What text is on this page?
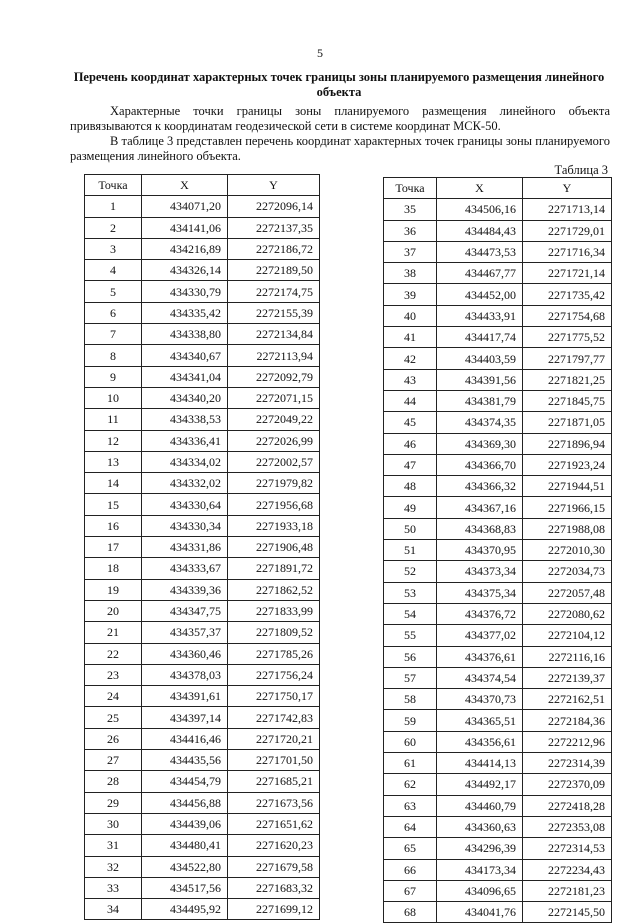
5
Перечень координат характерных точек границы зоны планируемого размещения линейного объекта
Характерные точки границы зоны планируемого размещения линейного объекта привязываются к координатам геодезической сети в системе координат МСК-50.
В таблице 3 представлен перечень координат характерных точек границы зоны планируемого размещения линейного объекта.
Таблица 3
Точка	X	Y
1	434071,20	2272096,14
2	434141,06	2272137,35
3	434216,89	2272186,72
4	434326,14	2272189,50
5	434330,79	2272174,75
6	434335,42	2272155,39
7	434338,80	2272134,84
8	434340,67	2272113,94
9	434341,04	2272092,79
10	434340,20	2272071,15
11	434338,53	2272049,22
12	434336,41	2272026,99
13	434334,02	2272002,57
14	434332,02	2271979,82
15	434330,64	2271956,68
16	434330,34	2271933,18
17	434331,86	2271906,48
18	434333,67	2271891,72
19	434339,36	2271862,52
20	434347,75	2271833,99
21	434357,37	2271809,52
22	434360,46	2271785,26
23	434378,03	2271756,24
24	434391,61	2271750,17
25	434397,14	2271742,83
26	434416,46	2271720,21
27	434435,56	2271701,50
28	434454,79	2271685,21
29	434456,88	2271673,56
30	434439,06	2271651,62
31	434480,41	2271620,23
32	434522,80	2271679,58
33	434517,56	2271683,32
34	434495,92	2271699,12
Точка	X	Y
35	434506,16	2271713,14
36	434484,43	2271729,01
37	434473,53	2271716,34
38	434467,77	2271721,14
39	434452,00	2271735,42
40	434433,91	2271754,68
41	434417,74	2271775,52
42	434403,59	2271797,77
43	434391,56	2271821,25
44	434381,79	2271845,75
45	434374,35	2271871,05
46	434369,30	2271896,94
47	434366,70	2271923,24
48	434366,32	2271944,51
49	434367,16	2271966,15
50	434368,83	2271988,08
51	434370,95	2272010,30
52	434373,34	2272034,73
53	434375,34	2272057,48
54	434376,72	2272080,62
55	434377,02	2272104,12
56	434376,61	2272116,16
57	434374,54	2272139,37
58	434370,73	2272162,51
59	434365,51	2272184,36
60	434356,61	2272212,96
61	434414,13	2272314,39
62	434492,17	2272370,09
63	434460,79	2272418,28
64	434360,63	2272353,08
65	434296,39	2272314,53
66	434173,34	2272234,43
67	434096,65	2272181,23
68	434041,76	2272145,50
